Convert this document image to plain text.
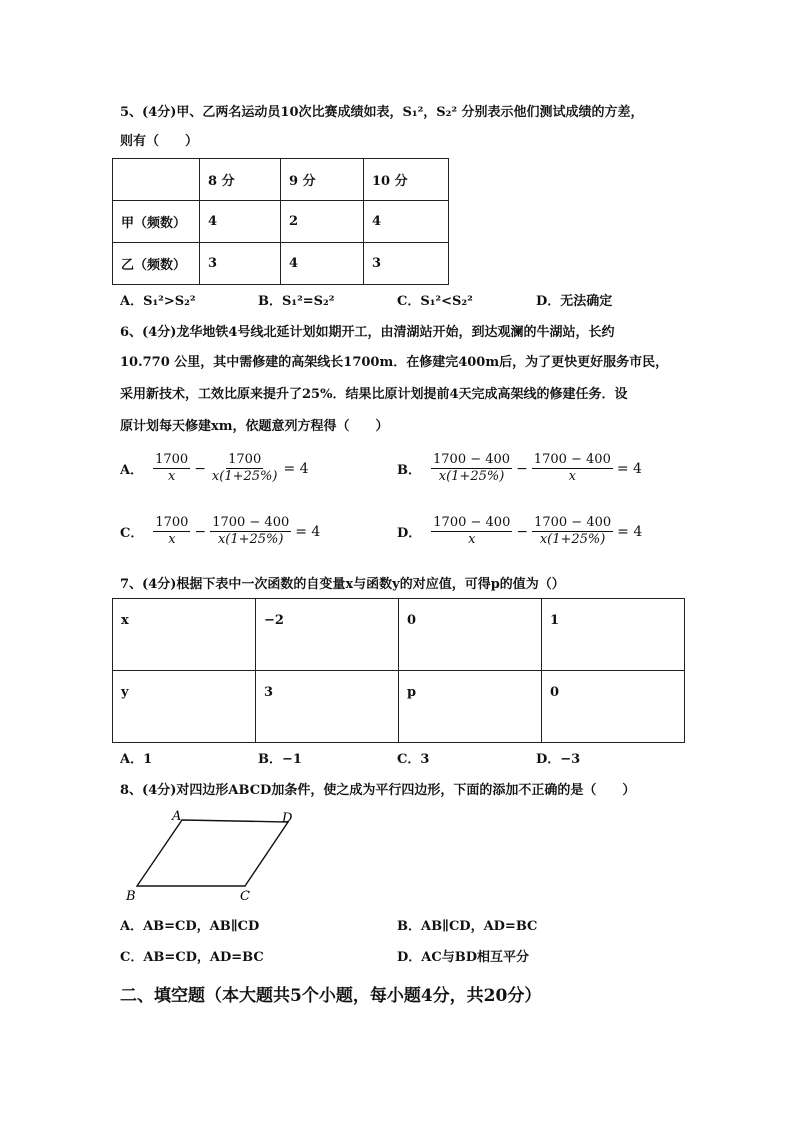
5、(4分)甲、乙两名运动员10次比赛成绩如表，S₁²，S₂² 分别表示他们测试成绩的方差，
则有（　　）
	8 分	9 分	10 分
甲（频数）	4	2	4
乙（频数）	3	4	3
A．S₁²>S₂²	B．S₁²=S₂²	C．S₁²<S₂²	D．无法确定
6、(4分)龙华地铁4号线北延计划如期开工，由清湖站开始，到达观澜的牛湖站，长约
10.770 公里，其中需修建的高架线长1700m．在修建完400m后，为了更快更好服务市民，
采用新技术，工效比原来提升了25%．结果比原计划提前4天完成高架线的修建任务．设
原计划每天修建xm，依题意列方程得（　　）
A． $\frac{1700}{x} - \frac{1700}{x(1+25\%)} = 4$	B． $\frac{1700 - 400}{x(1+25\%)} - \frac{1700 - 400}{x} = 4$
C． $\frac{1700}{x} - \frac{1700 - 400}{x(1+25\%)} = 4$	D． $\frac{1700 - 400}{x} - \frac{1700 - 400}{x(1+25\%)} = 4$
7、(4分)根据下表中一次函数的自变量x与函数y的对应值，可得p的值为（）
x	−2	0	1
y	3	p	0
A．1	B．−1	C．3	D．−3
8、(4分)对四边形ABCD加条件，使之成为平行四边形，下面的添加不正确的是（　　）
A	D
B	C
A．AB=CD，AB∥CD	B．AB∥CD，AD=BC
C．AB=CD，AD=BC	D．AC与BD相互平分
二、填空题（本大题共5个小题，每小题4分，共20分）
